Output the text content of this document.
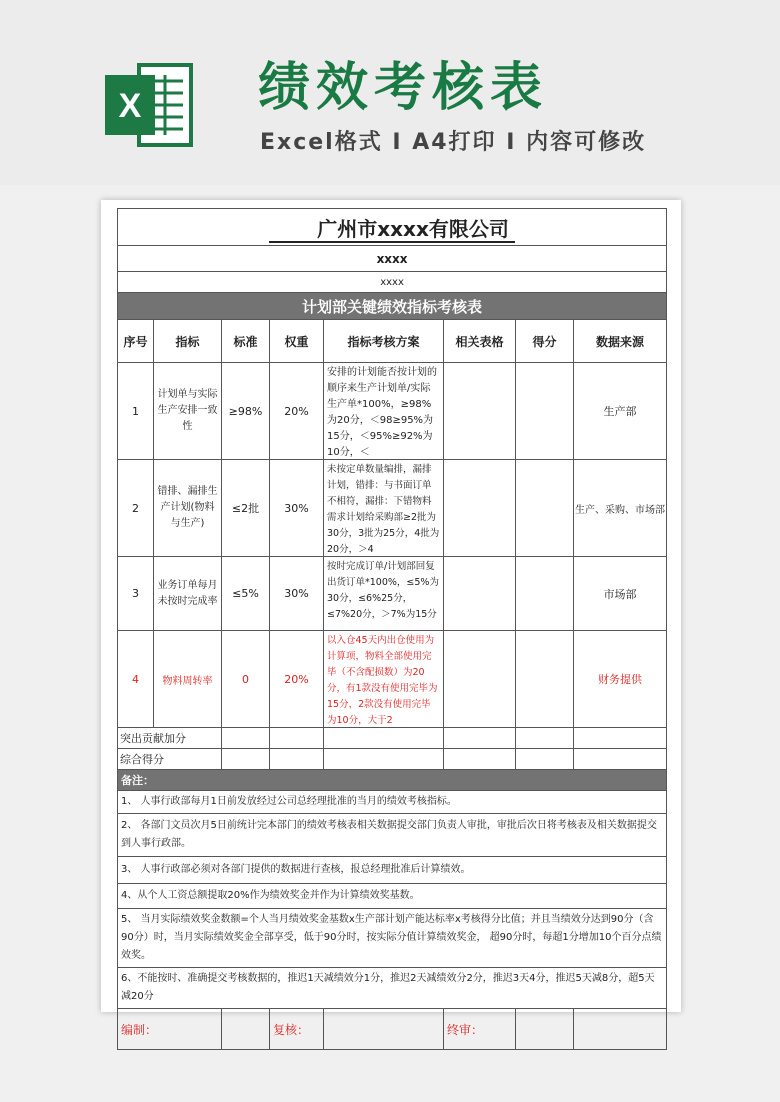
X 绩效考核表
Excel格式 I A4打印 I 内容可修改
广州市xxxx有限公司							
xxxx							
xxxx							
计划部关键绩效指标考核表							
序号	指标	标准	权重	指标考核方案	相关表格	得分	数据来源
1	计划单与实际生产安排一致性	≥98%	20%	安排的计划能否按计划的顺序来生产计划单/实际生产单*100%，≥98%为20分，＜98≥95%为15分，＜95%≥92%为10分，＜			生产部
2	错排、漏排生产计划(物料与生产)	≤2批	30%	未按定单数量编排，漏排计划，错排：与书面订单不相符，漏排：下错物料需求计划给采购部≥2批为30分，3批为25分，4批为20分，＞4			生产、采购、市场部
3	业务订单每月未按时完成率	≤5%	30%	按时完成订单/计划部回复出货订单*100%，≤5%为30分，≤6%25分，≤7%20分，＞7%为15分			市场部
4	物料周转率	0	20%	以入仓45天内出仓使用为计算项，物料全部使用完毕（不含配损数）为20分，有1款没有使用完毕为15分，2款没有使用完毕为10分，大于2			财务提供
突出贡献加分							
综合得分							
备注：							
1、 人事行政部每月1日前发放经过公司总经理批准的当月的绩效考核指标。							
2、 各部门文员次月5日前统计完本部门的绩效考核表相关数据提交部门负责人审批，审批后次日将考核表及相关数据提交到人事行政部。							
3、 人事行政部必须对各部门提供的数据进行查核，报总经理批准后计算绩效。							
4、从个人工资总额提取20%作为绩效奖金并作为计算绩效奖基数。							
5、 当月实际绩效奖金数额=个人当月绩效奖金基数x生产部计划产能达标率x考核得分比值；并且当绩效分达到90分（含90分）时，当月实际绩效奖金全部享受，低于90分时，按实际分值计算绩效奖金， 超90分时，每超1分增加10个百分点绩效奖。							
6、不能按时、准确提交考核数据的，推迟1天减绩效分1分，推迟2天减绩效分2分，推迟3天4分，推迟5天减8分，超5天减20分							
编制：			复核：		终审：		
